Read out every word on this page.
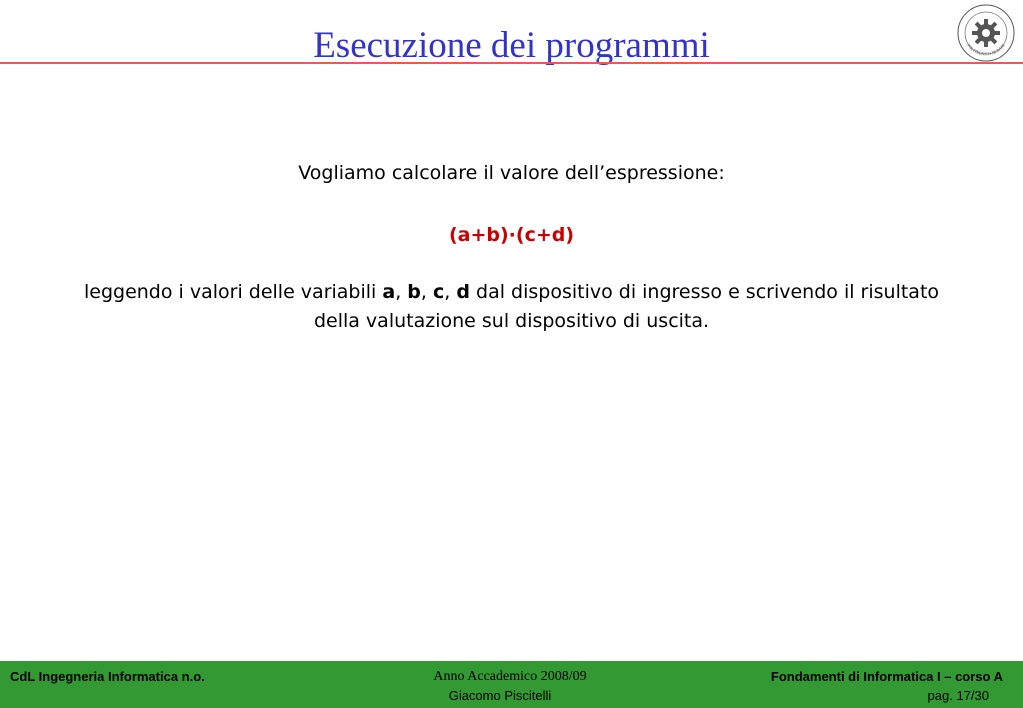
Esecuzione dei programmi	POLITECNICO DI BARI

Vogliamo calcolare il valore dell’espressione:

(a+b)·(c+d)

leggendo i valori delle variabili a, b, c, d dal dispositivo di ingresso e scrivendo il risultato della valutazione sul dispositivo di uscita.

CdL Ingegneria Informatica n.o.	Anno Accademico 2008/09
Giacomo Piscitelli
Fondamenti di Informatica I – corso A
pag. 17/30
